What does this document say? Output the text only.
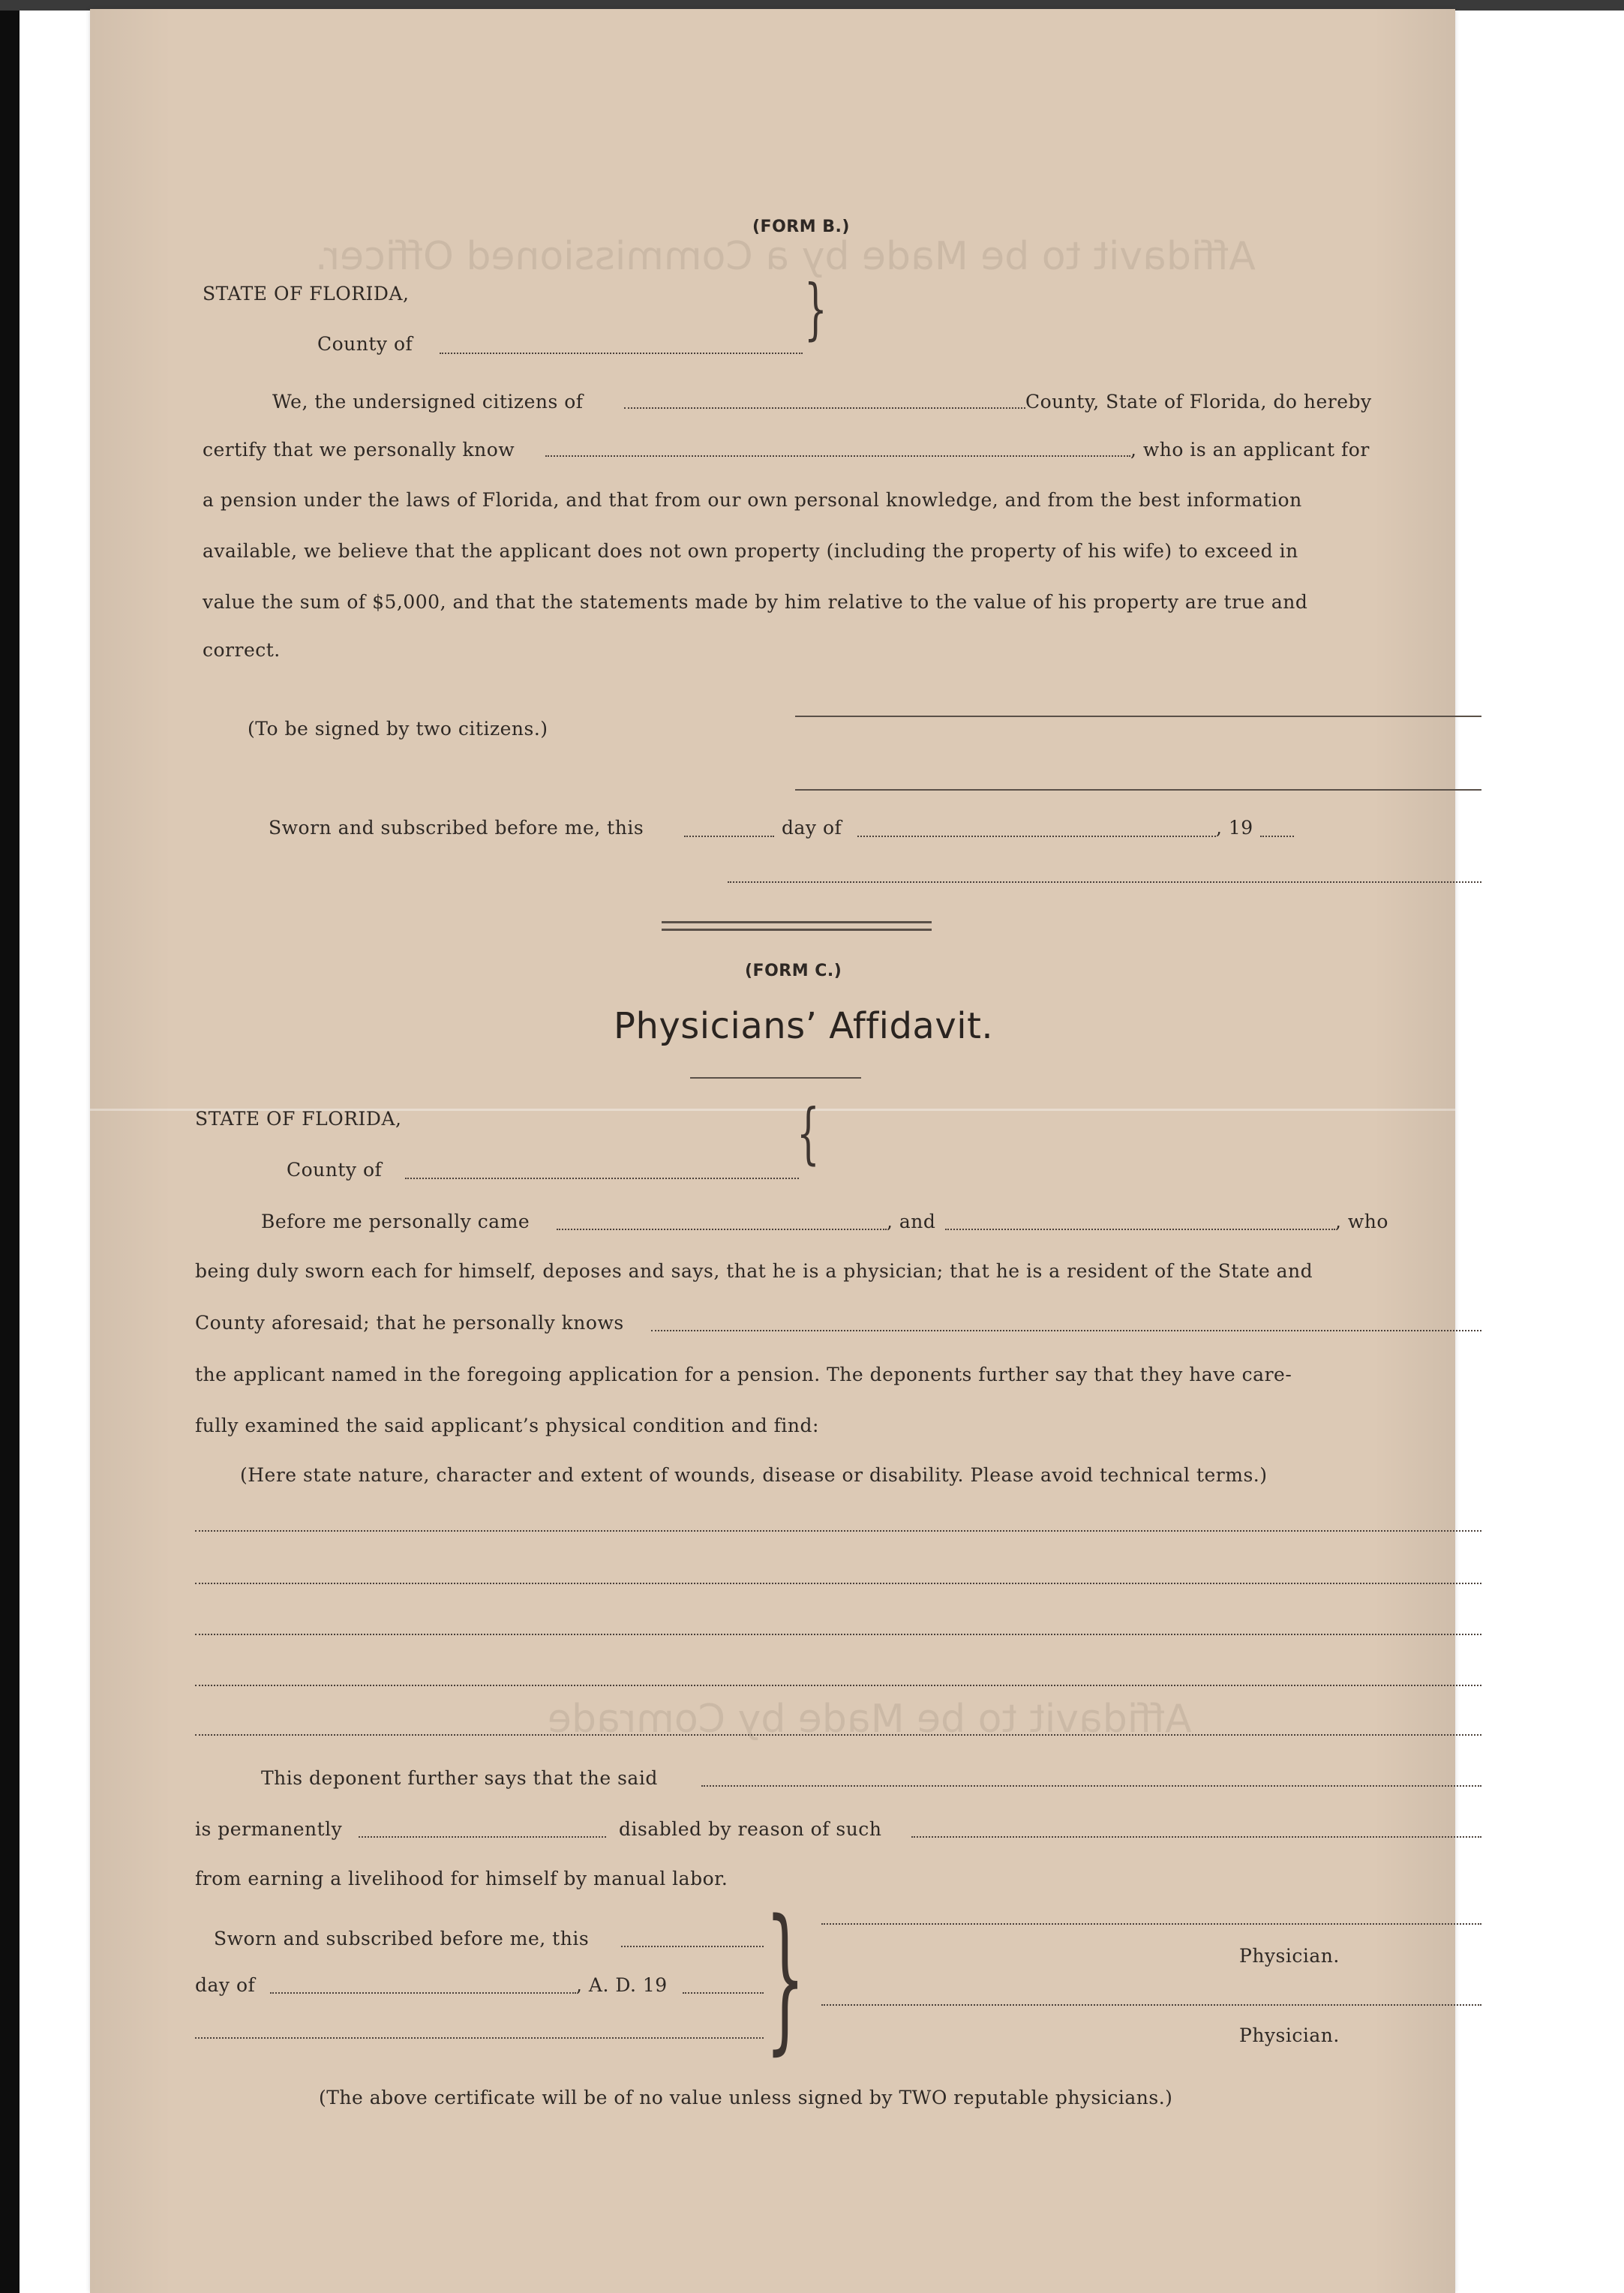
Affidavit to be Made by a Commissioned Officer.
Affidavit to be Made by Comrade
(FORM B.)
STATE OF FLORIDA,
County of	}
We, the undersigned citizens of	County, State of Florida, do hereby
certify that we personally know	, who is an applicant for
a pension under the laws of Florida, and that from our own personal knowledge, and from the best information
available, we believe that the applicant does not own property (including the property of his wife) to exceed in
value the sum of $5,000, and that the statements made by him relative to the value of his property are true and
correct.
(To be signed by two citizens.)
Sworn and subscribed before me, this	day of	, 19
(FORM C.)
Physicians’ Affidavit.
STATE OF FLORIDA,
County of	{
Before me personally came	, and	, who
being duly sworn each for himself, deposes and says, that he is a physician; that he is a resident of the State and
County aforesaid; that he personally knows
the applicant named in the foregoing application for a pension. The deponents further say that they have care-
fully examined the said applicant’s physical condition and find:
(Here state nature, character and extent of wounds, disease or disability. Please avoid technical terms.)
This deponent further says that the said
is permanently	disabled by reason of such
from earning a livelihood for himself by manual labor.
Sworn and subscribed before me, this
day of	, A. D. 19 }	Physician.
Physician.
(The above certificate will be of no value unless signed by TWO reputable physicians.)
